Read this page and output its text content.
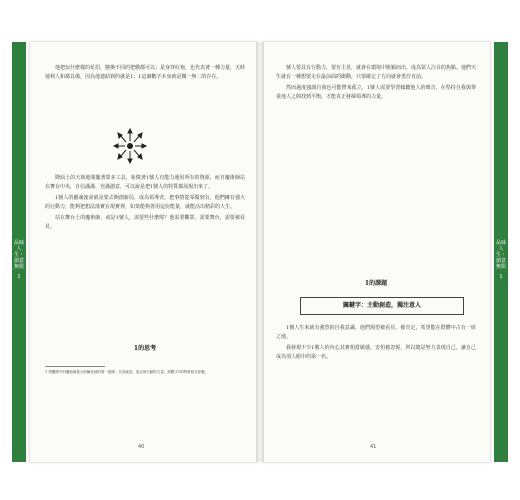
品味人生・創意無限
1
品味人生・創意無限
1

他把玩什麼樣的花招，變換不同的把戲都可以；是身穿紅袍，也代表著一種力量，天時地利人和都具備，因為他連結到的就是1；1這個數字本身就是獨一無二的存在。

牌面上的天與地間擺著眾多工具，象徵著1號人有能力運用所有的資源，而且魔術師站在舞台中央，自信滿滿、充滿創意，可以說是把1號人的特質都展現出來了。

1號人的靈魂使命就是要去開創新局，成為領導者，把事情從零做到有，他們擁有強大的行動力，能夠把想法落實在現實裡，如果能夠善用這份能量，就能活出精彩的人生。

站在舞台上的魔術師，或是1號人，需要些什麼呢？他需要觀眾、需要舞台，需要被看見。

1的思考
1 塔羅牌中的魔術師是大阿爾克那的第一張牌，代表創造、意志與行動的力量，與數字1的特質相互呼應。
40

號人要具有行動力，要有主見，就會在環境中脫穎而出，成為眾人注目的焦點。他們天生就有一種想要走在最前面的衝動，只要確定了方向就會勇往直前。

然而過度強調自我也可能帶來孤立，1號人需要學習傾聽他人的聲音，在堅持自我與尊重他人之間找到平衡，才能真正發揮領導的力量。

1的課題
關鍵字：主動創造，獨注意人

1號人生來就有強烈的自我意識，他們渴望被看見、被肯定，希望能在群體中占有一席之地。

我發現不少1號人的內心其實相當敏感，害怕被忽視，所以總是努力表現自己，讓自己成為別人眼中的第一名。

41
